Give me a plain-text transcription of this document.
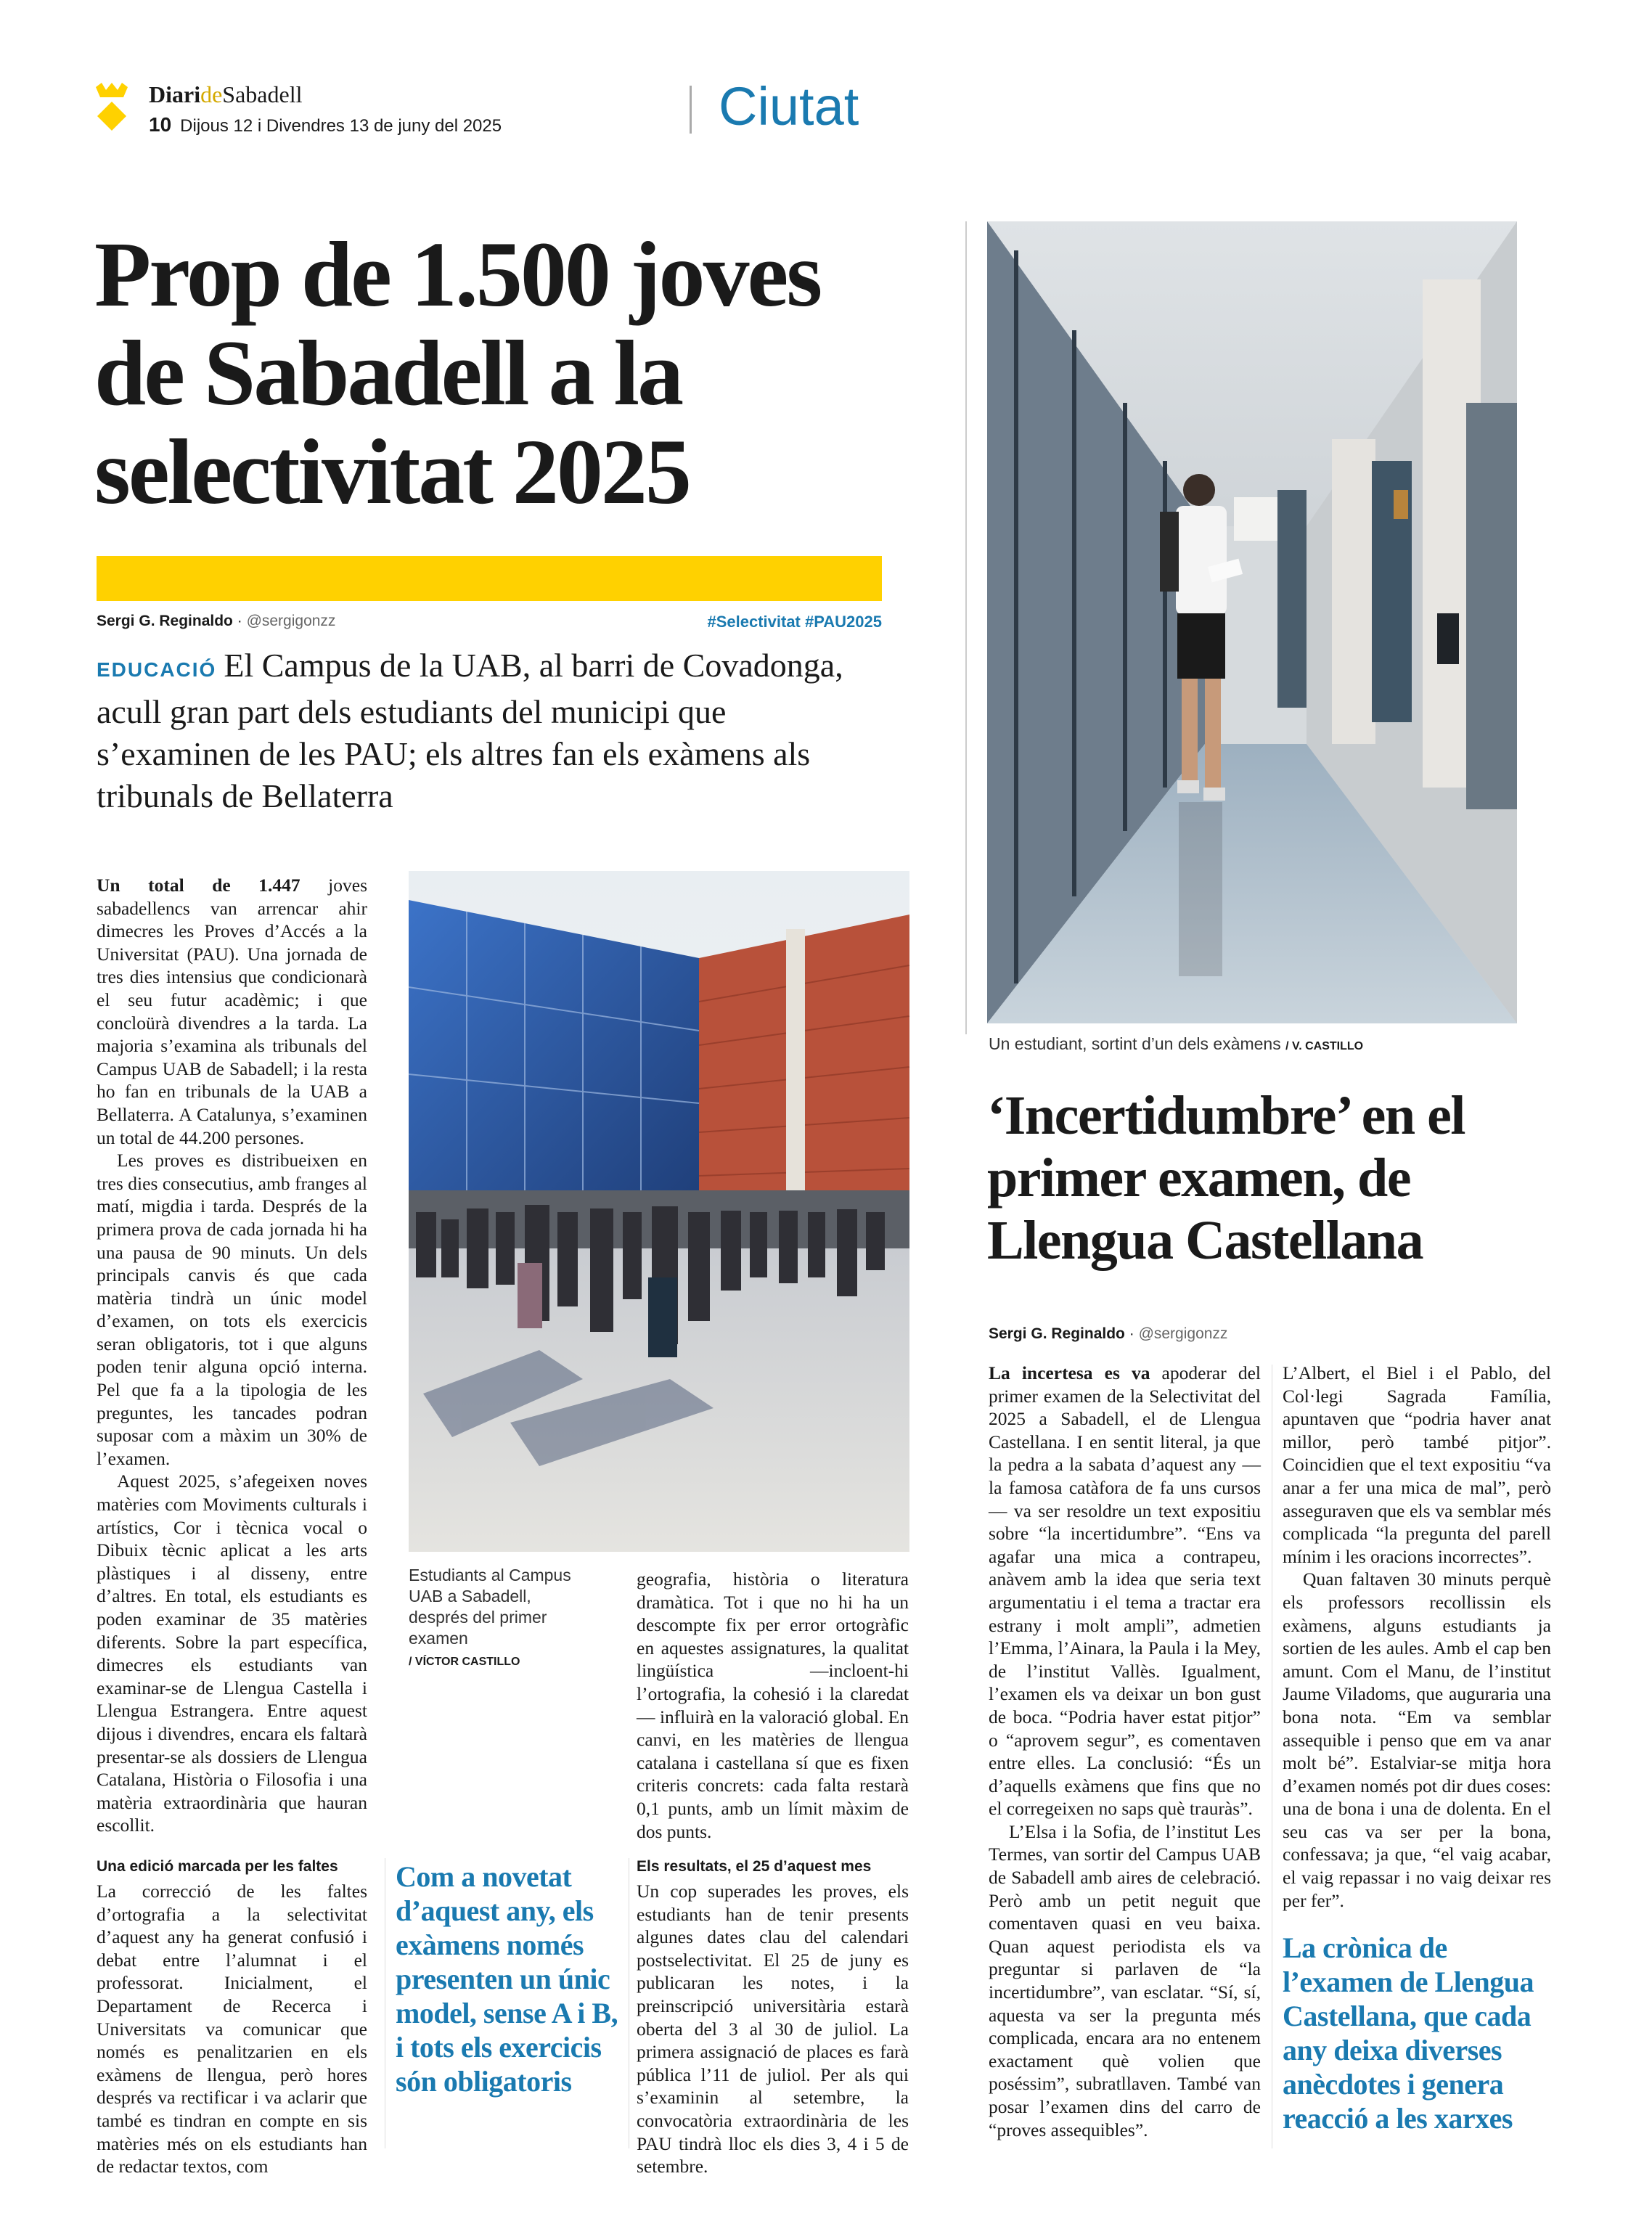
DiarideSabadell
10 Dijous 12 i Divendres 13 de juny del 2025	Ciutat
Prop de 1.500 joves de Sabadell a la selectivitat 2025
Sergi G. Reginaldo · @sergigonzz	#Selectivitat #PAU2025
EDUCACIÓ El Campus de la UAB, al barri de Covadonga, acull gran part dels estudiants del municipi que s’examinen de les PAU; els altres fan els exàmens als tribunals de Bellaterra

Un total de 1.447 joves sabadellencs van arrencar ahir dimecres les Proves d’Accés a la Universitat (PAU). Una jornada de tres dies intensius que condicionarà el seu futur acadèmic; i que concloürà divendres a la tarda. La majoria s’examina als tribunals del Campus UAB de Sabadell; i la resta ho fan en tribunals de la UAB a Bellaterra. A Catalunya, s’examinen un total de 44.200 persones.

Les proves es distribueixen en tres dies consecutius, amb franges al matí, migdia i tarda. Després de la primera prova de cada jornada hi ha una pausa de 90 minuts. Un dels principals canvis és que cada matèria tindrà un únic model d’examen, on tots els exercicis seran obligatoris, tot i que alguns poden tenir alguna opció interna. Pel que fa a la tipologia de les preguntes, les tancades podran suposar com a màxim un 30% de l’examen.

Aquest 2025, s’afegeixen noves matèries com Moviments culturals i artístics, Cor i tècnica vocal o Dibuix tècnic aplicat a les arts plàstiques i al disseny, entre d’altres. En total, els estudiants es poden examinar de 35 matèries diferents. Sobre la part específica, dimecres els estudiants van examinar-se de Llengua Castella i Llengua Estrangera. Entre aquest dijous i divendres, encara els faltarà presentar-se als dossiers de Llengua Catalana, Història o Filosofia i una matèria extraordinària que hauran escollit.

Una edició marcada per les faltes

La correcció de les faltes d’ortografia a la selectivitat d’aquest any ha generat confusió i debat entre l’alumnat i el professorat. Inicialment, el Departament de Recerca i Universitats va comunicar que només es penalitzarien en els exàmens de llengua, però hores després va rectificar i va aclarir que també es tindran en compte en sis matèries més on els estudiants han de redactar textos, com

Estudiants al Campus UAB a Sabadell, després del primer examen
/ VÍCTOR CASTILLO

geografia, història o literatura dramàtica. Tot i que no hi ha un descompte fix per error ortogràfic en aquestes assignatures, la qualitat lingüística —incloent-hi l’ortografia, la cohesió i la claredat— influirà en la valoració global. En canvi, en les matèries de llengua catalana i castellana sí que es fixen criteris concrets: cada falta restarà 0,1 punts, amb un límit màxim de dos punts.

Els resultats, el 25 d’aquest mes

Un cop superades les proves, els estudiants han de tenir presents algunes dates clau del calendari postselectivitat. El 25 de juny es publicaran les notes, i la preinscripció universitària estarà oberta del 3 al 30 de juliol. La primera assignació de places es farà pública l’11 de juliol. Per als qui s’examinin al setembre, la convocatòria extraordinària de les PAU tindrà lloc els dies 3, 4 i 5 de setembre.

Com a novetat d’aquest any, els exàmens només presenten un únic model, sense A i B, i tots els exercicis són obligatoris
Un estudiant, sortint d’un dels exàmens / V. CASTILLO
‘Incertidumbre’ en el primer examen, de Llengua Castellana
Sergi G. Reginaldo · @sergigonzz

La incertesa es va apoderar del primer examen de la Selectivitat del 2025 a Sabadell, el de Llengua Castellana. I en sentit literal, ja que la pedra a la sabata d’aquest any —la famosa catàfora de fa uns cursos— va ser resoldre un text expositiu sobre “la incertidumbre”. “Ens va agafar una mica a contrapeu, anàvem amb la idea que seria text argumentatiu i el tema a tractar era estrany i molt ampli”, admetien l’Emma, l’Ainara, la Paula i la Mey, de l’institut Vallès. Igualment, l’examen els va deixar un bon gust de boca. “Podria haver estat pitjor” o “aprovem segur”, es comentaven entre elles. La conclusió: “És un d’aquells exàmens que fins que no el corregeixen no saps què trauràs”.

L’Elsa i la Sofia, de l’institut Les Termes, van sortir del Campus UAB de Sabadell amb aires de celebració. Però amb un petit neguit que comentaven quasi en veu baixa. Quan aquest periodista els va preguntar si parlaven de “la incertidumbre”, van esclatar. “Sí, sí, aquesta va ser la pregunta més complicada, encara ara no entenem exactament què volien que poséssim”, subratllaven. També van posar l’examen dins del carro de “proves assequibles”.

L’Albert, el Biel i el Pablo, del Col·legi Sagrada Família, apuntaven que “podria haver anat millor, però també pitjor”. Coincidien que el text expositiu “va anar a fer una mica de mal”, però asseguraven que els va semblar més complicada “la pregunta del parell mínim i les oracions incorrectes”.

Quan faltaven 30 minuts perquè els professors recollissin els exàmens, alguns estudiants ja sortien de les aules. Amb el cap ben amunt. Com el Manu, de l’institut Jaume Viladoms, que auguraria una bona nota. “Em va semblar assequible i penso que em va anar molt bé”. Estalviar-se mitja hora d’examen només pot dir dues coses: una de bona i una de dolenta. En el seu cas va ser per la bona, confessava; ja que, “el vaig acabar, el vaig repassar i no vaig deixar res per fer”.

La crònica de l’examen de Llengua Castellana, que cada any deixa diverses anècdotes i genera reacció a les xarxes
